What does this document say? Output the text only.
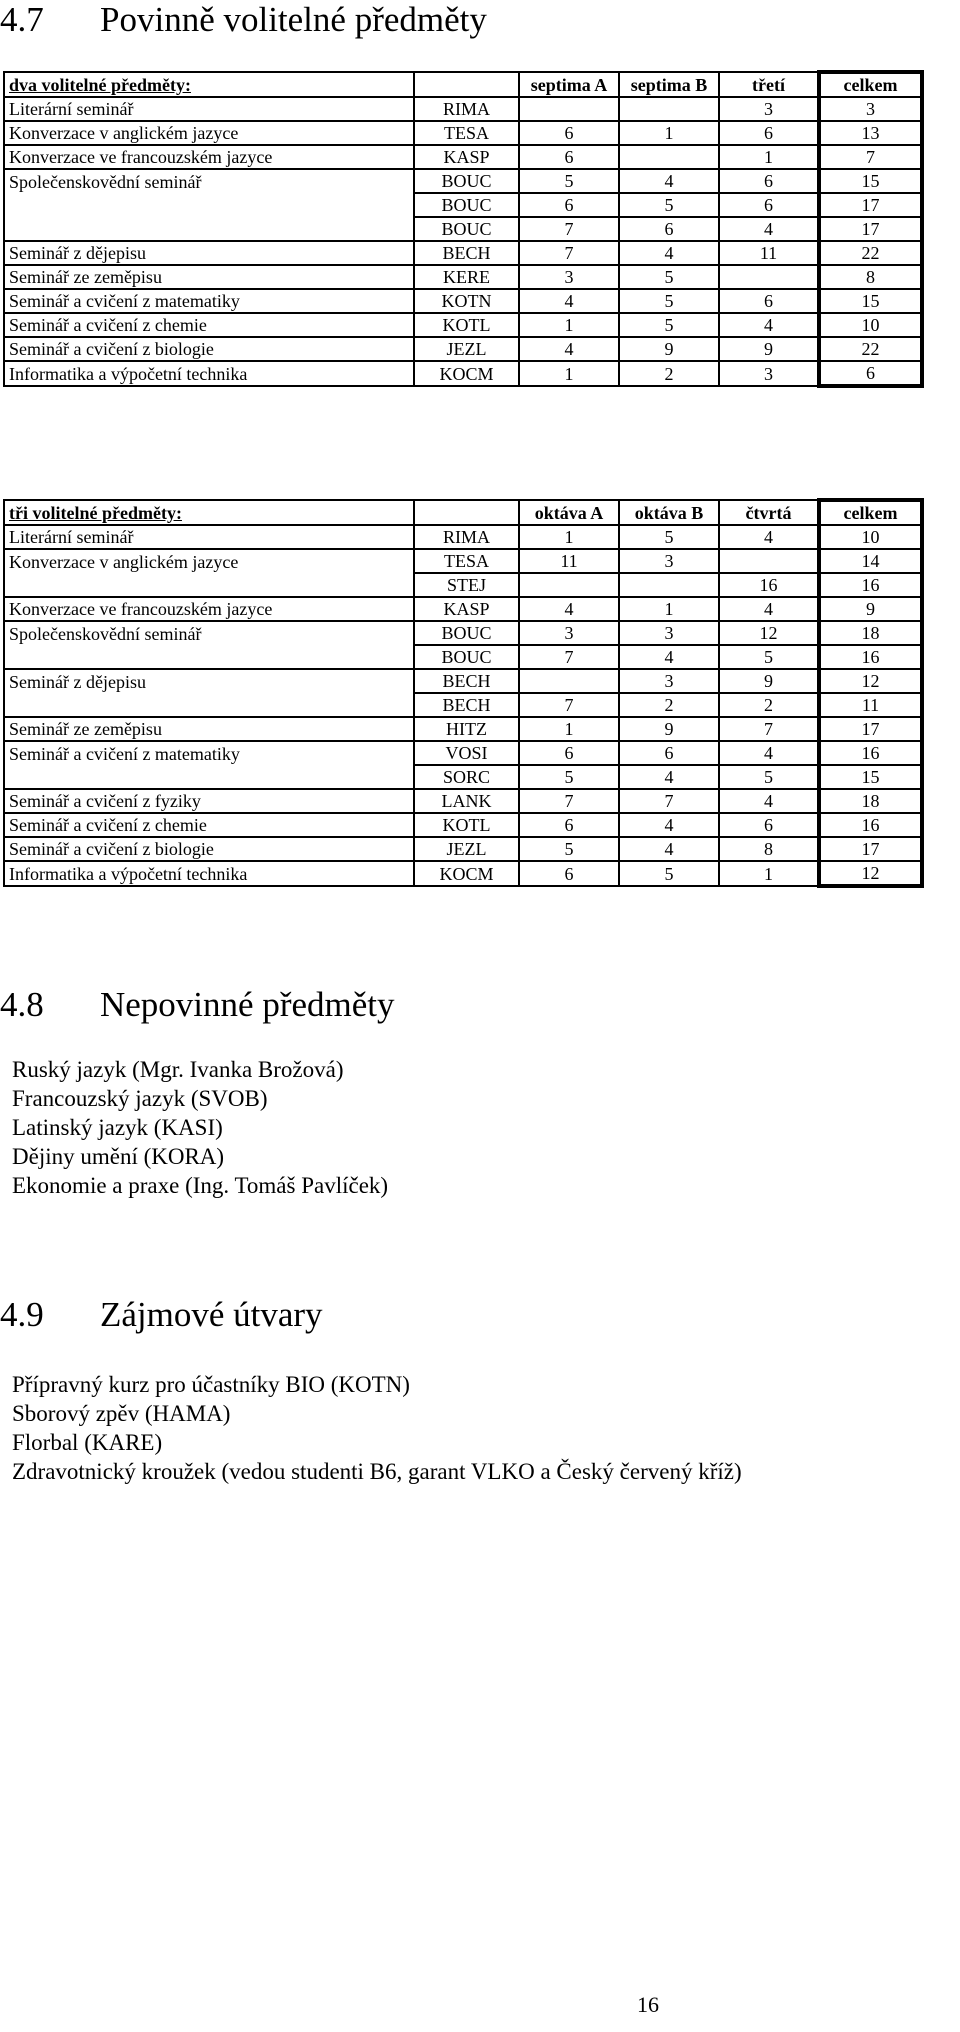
4.7 Povinně volitelné předměty
dva volitelné předměty:		septima A	septima B	třetí	celkem
Literární seminář	RIMA			3	3
Konverzace v anglickém jazyce	TESA	6	1	6	13
Konverzace ve francouzském jazyce	KASP	6		1	7
Společenskovědní seminář	BOUC	5	4	6	15
	BOUC	6	5	6	17
	BOUC	7	6	4	17
Seminář z dějepisu	BECH	7	4	11	22
Seminář ze zeměpisu	KERE	3	5		8
Seminář a cvičení z matematiky	KOTN	4	5	6	15
Seminář a cvičení z chemie	KOTL	1	5	4	10
Seminář a cvičení z biologie	JEZL	4	9	9	22
Informatika a výpočetní technika	KOCM	1	2	3	6
tři volitelné předměty:		oktáva A	oktáva B	čtvrtá	celkem
Literární seminář	RIMA	1	5	4	10
Konverzace v anglickém jazyce	TESA	11	3		14
	STEJ			16	16
Konverzace ve francouzském jazyce	KASP	4	1	4	9
Společenskovědní seminář	BOUC	3	3	12	18
	BOUC	7	4	5	16
Seminář z dějepisu	BECH		3	9	12
	BECH	7	2	2	11
Seminář ze zeměpisu	HITZ	1	9	7	17
Seminář a cvičení z matematiky	VOSI	6	6	4	16
	SORC	5	4	5	15
Seminář a cvičení z fyziky	LANK	7	7	4	18
Seminář a cvičení z chemie	KOTL	6	4	6	16
Seminář a cvičení z biologie	JEZL	5	4	8	17
Informatika a výpočetní technika	KOCM	6	5	1	12
4.8 Nepovinné předměty
Ruský jazyk (Mgr. Ivanka Brožová)
Francouzský jazyk (SVOB)
Latinský jazyk (KASI)
Dějiny umění (KORA)
Ekonomie a praxe (Ing. Tomáš Pavlíček)
4.9 Zájmové útvary
Přípravný kurz pro účastníky BIO (KOTN)
Sborový zpěv (HAMA)
Florbal (KARE)
Zdravotnický kroužek (vedou studenti B6, garant VLKO a Český červený kříž)
16
